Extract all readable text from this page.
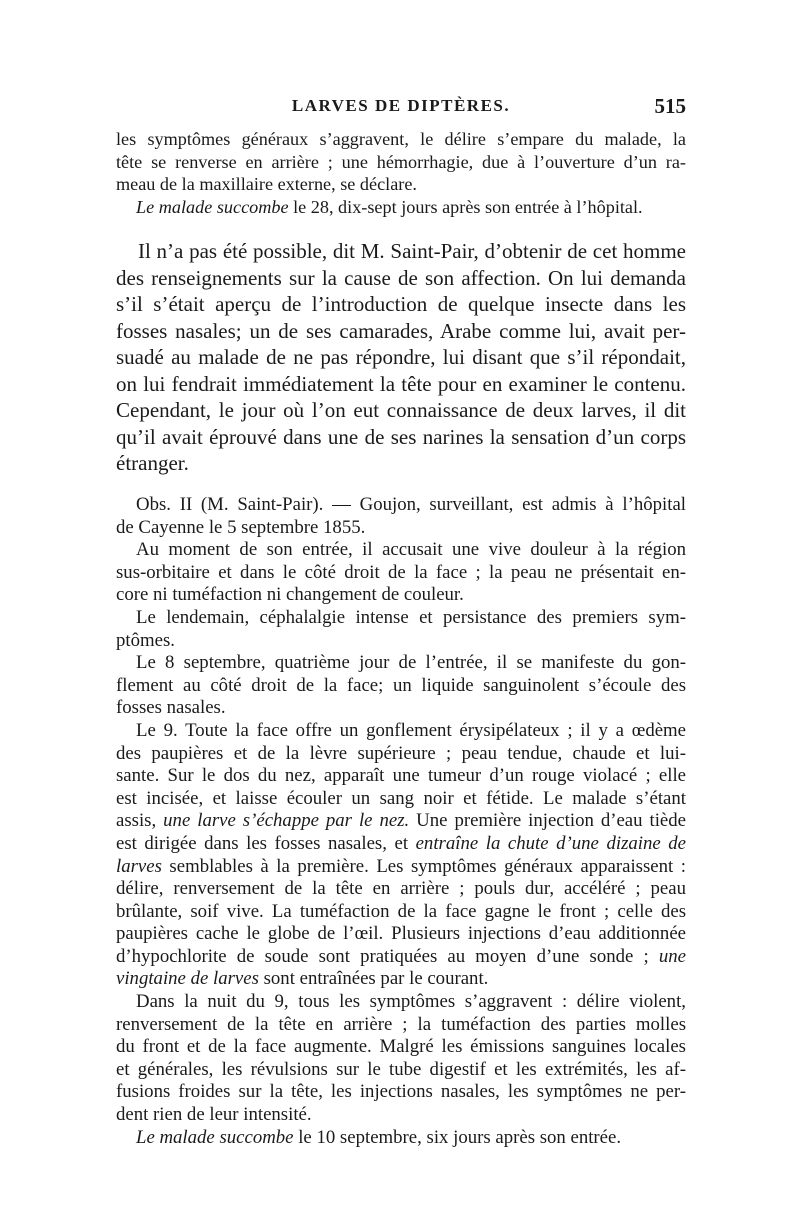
LARVES DE DIPTÈRES.	515
les symptômes généraux s’aggravent, le délire s’empare du malade, la
tête se renverse en arrière ; une hémorrhagie, due à l’ouverture d’un ra-
meau de la maxillaire externe, se déclare.
Le malade succombe le 28, dix-sept jours après son entrée à l’hôpital.
Il n’a pas été possible, dit M. Saint-Pair, d’obtenir de cet homme
des renseignements sur la cause de son affection. On lui demanda
s’il s’était aperçu de l’introduction de quelque insecte dans les
fosses nasales; un de ses camarades, Arabe comme lui, avait per-
suadé au malade de ne pas répondre, lui disant que s’il répondait,
on lui fendrait immédiatement la tête pour en examiner le contenu.
Cependant, le jour où l’on eut connaissance de deux larves, il dit
qu’il avait éprouvé dans une de ses narines la sensation d’un corps
étranger.
Obs. II (M. Saint-Pair). — Goujon, surveillant, est admis à l’hôpital
de Cayenne le 5 septembre 1855.
Au moment de son entrée, il accusait une vive douleur à la région
sus-orbitaire et dans le côté droit de la face ; la peau ne présentait en-
core ni tuméfaction ni changement de couleur.
Le lendemain, céphalalgie intense et persistance des premiers sym-
ptômes.
Le 8 septembre, quatrième jour de l’entrée, il se manifeste du gon-
flement au côté droit de la face; un liquide sanguinolent s’écoule des
fosses nasales.
Le 9. Toute la face offre un gonflement érysipélateux ; il y a œdème
des paupières et de la lèvre supérieure ; peau tendue, chaude et lui-
sante. Sur le dos du nez, apparaît une tumeur d’un rouge violacé ; elle
est incisée, et laisse écouler un sang noir et fétide. Le malade s’étant
assis, une larve s’échappe par le nez. Une première injection d’eau tiède
est dirigée dans les fosses nasales, et entraîne la chute d’une dizaine de
larves semblables à la première. Les symptômes généraux apparaissent :
délire, renversement de la tête en arrière ; pouls dur, accéléré ; peau
brûlante, soif vive. La tuméfaction de la face gagne le front ; celle des
paupières cache le globe de l’œil. Plusieurs injections d’eau additionnée
d’hypochlorite de soude sont pratiquées au moyen d’une sonde ; une
vingtaine de larves sont entraînées par le courant.
Dans la nuit du 9, tous les symptômes s’aggravent : délire violent,
renversement de la tête en arrière ; la tuméfaction des parties molles
du front et de la face augmente. Malgré les émissions sanguines locales
et générales, les révulsions sur le tube digestif et les extrémités, les af-
fusions froides sur la tête, les injections nasales, les symptômes ne per-
dent rien de leur intensité.
Le malade succombe le 10 septembre, six jours après son entrée.
